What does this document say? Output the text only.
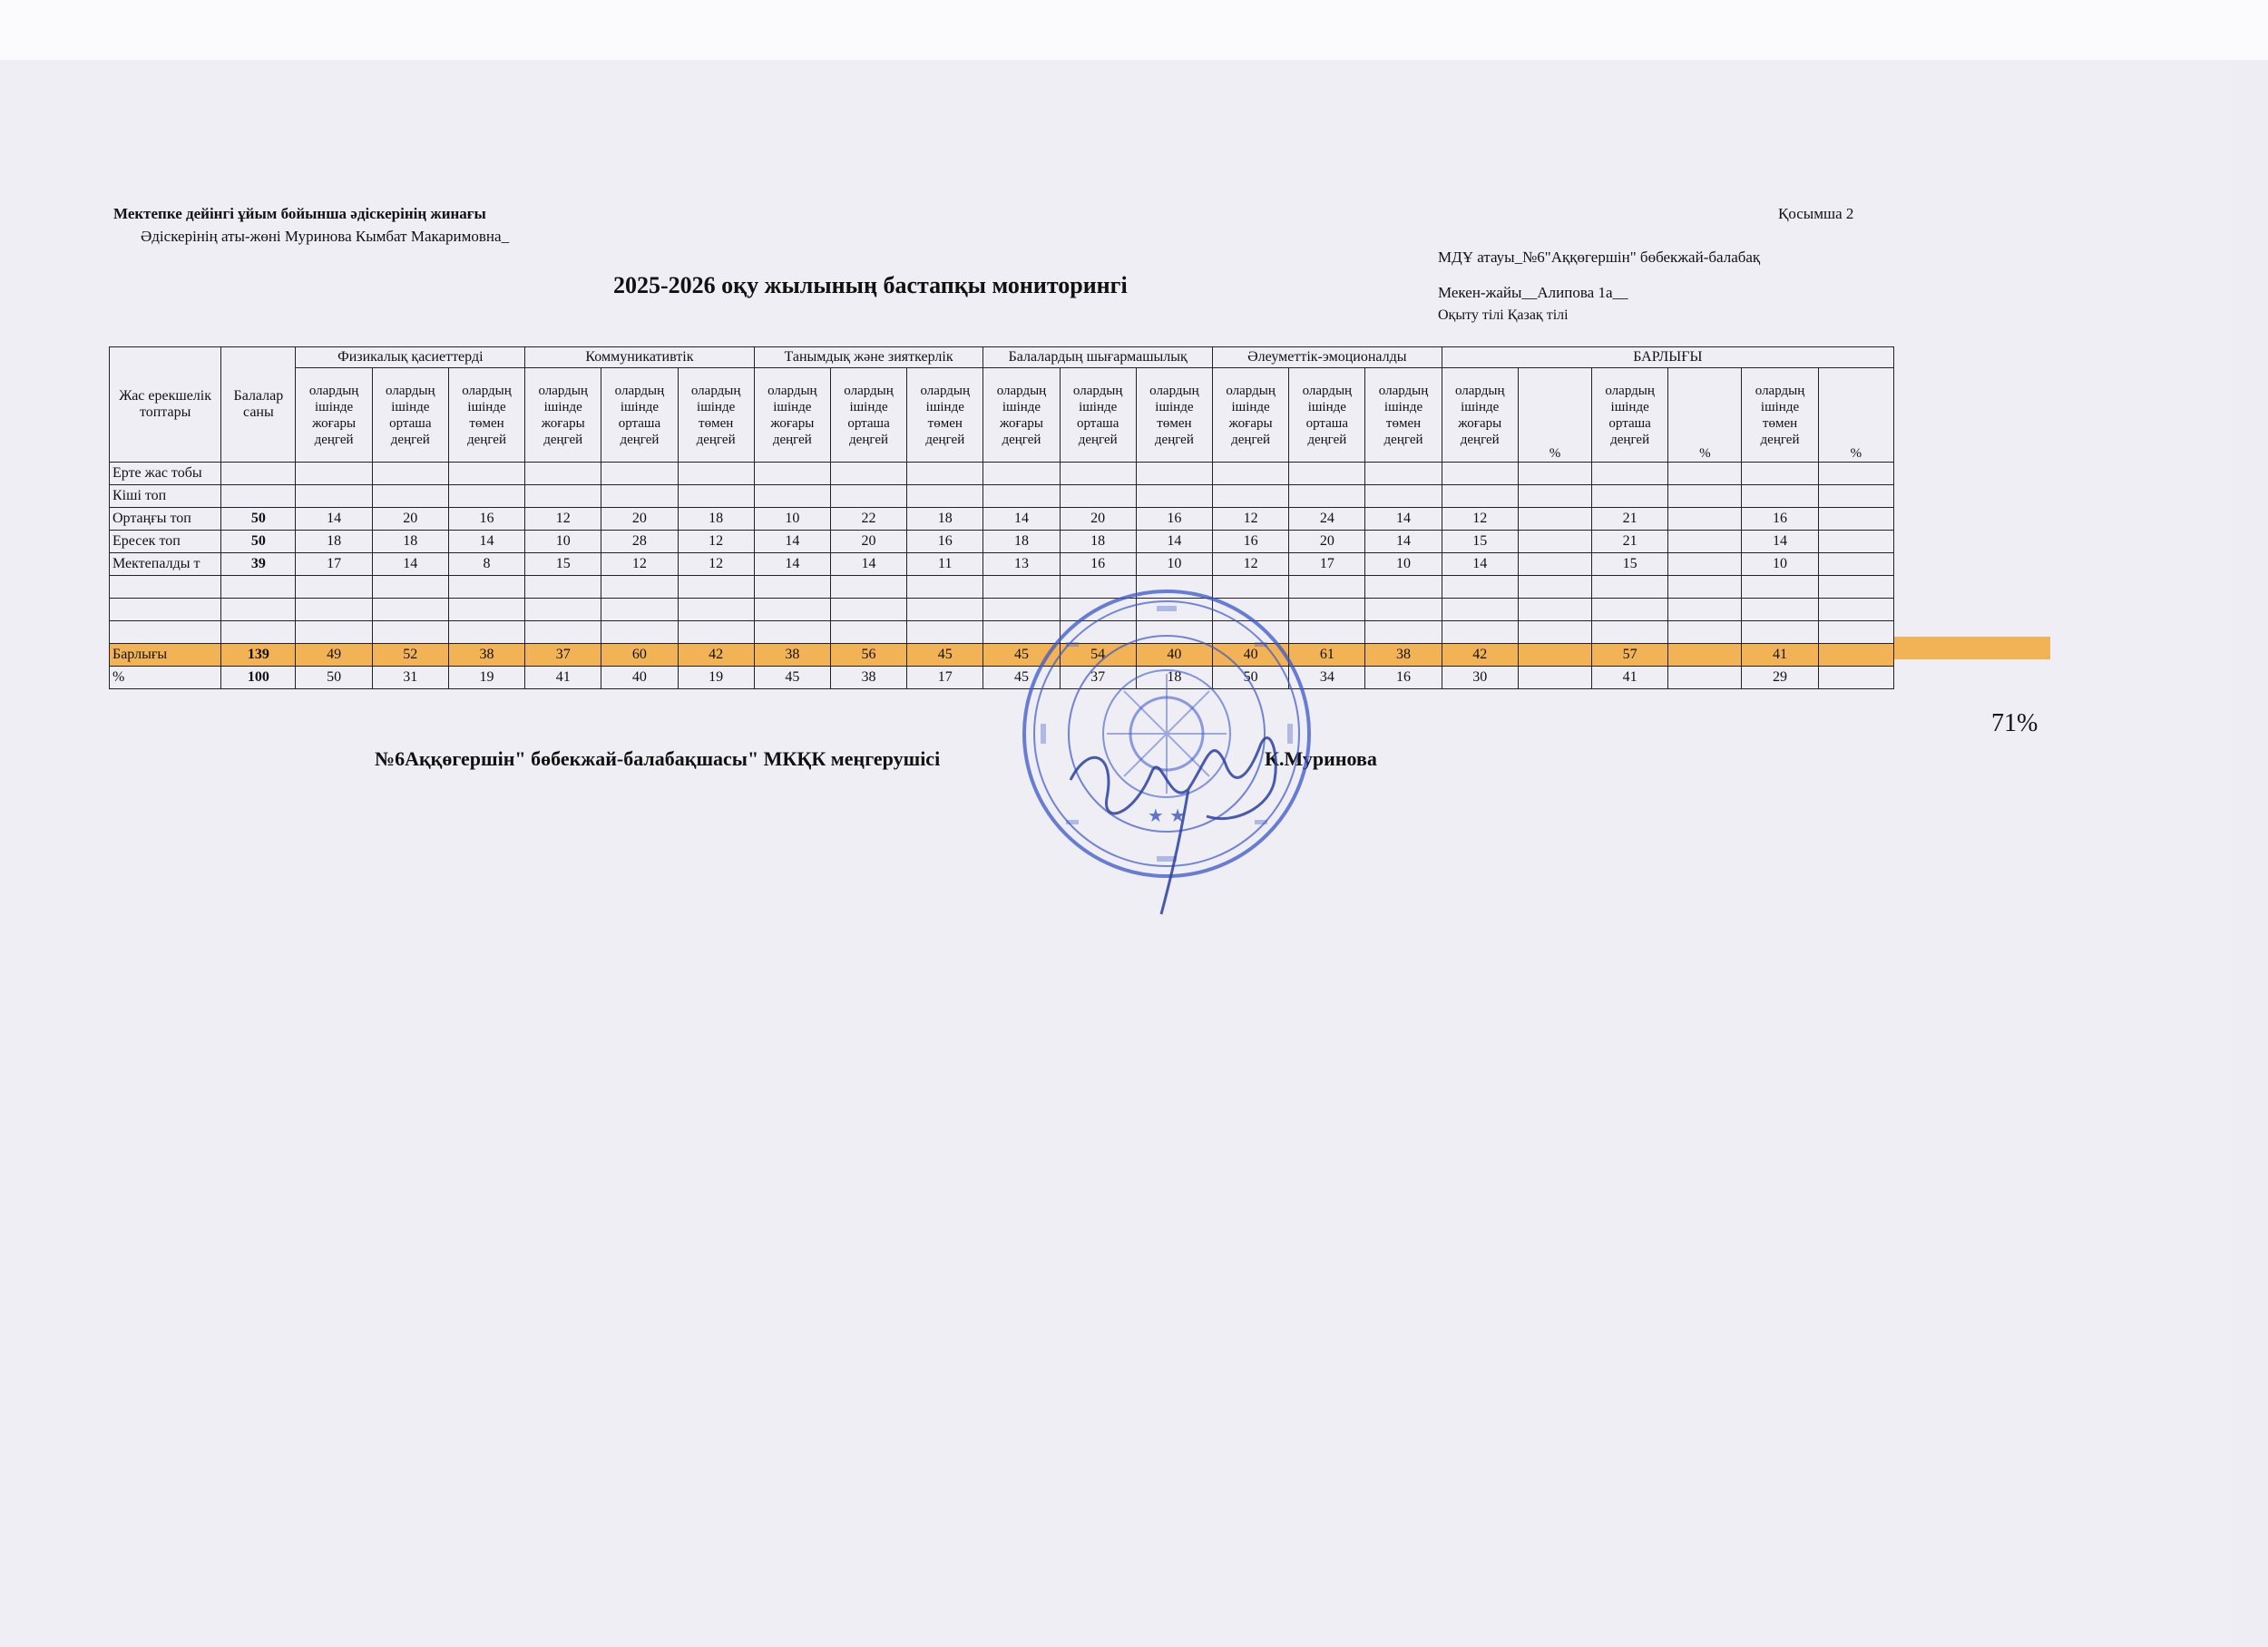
Мектепке дейінгі ұйым бойынша әдіскерінің жинағы
Әдіскерінің аты-жөні Муринова Кымбат Макаримовна_
Қосымша 2
МДҰ атауы_№6"Аққөгершін" бөбекжай-балабақ
Мекен-жайы__Алипова 1а__
Оқыту тілі Қазақ тілі
2025-2026 оқу жылының бастапқы мониторингі
Жас ерекшелік топтары	Балалар саны	Физикалық қасиеттерді			Коммуникативтік			Танымдық және зияткерлік			Балалардың шығармашылық			Әлеуметтік-эмоционалды			БАРЛЫҒЫ					
		олардың ішінде жоғары деңгей	олардың ішінде орташа деңгей	олардың ішінде төмен деңгей	олардың ішінде жоғары деңгей	олардың ішінде орташа деңгей	олардың ішінде төмен деңгей	олардың ішінде жоғары деңгей	олардың ішінде орташа деңгей	олардың ішінде төмен деңгей	олардың ішінде жоғары деңгей	олардың ішінде орташа деңгей	олардың ішінде төмен деңгей	олардың ішінде жоғары деңгей	олардың ішінде орташа деңгей	олардың ішінде төмен деңгей	олардың ішінде жоғары деңгей	%	олардың ішінде орташа деңгей	%	олардың ішінде төмен деңгей	%
Ерте жас тобы																						
Кіші топ																						
Ортаңғы топ	50	14	20	16	12	20	18	10	22	18	14	20	16	12	24	14	12		21		16	
Ересек топ	50	18	18	14	10	28	12	14	20	16	18	18	14	16	20	14	15		21		14	
Мектепалды т	39	17	14	8	15	12	12	14	14	11	13	16	10	12	17	10	14		15		10	

Барлығы	139	49	52	38	37	60	42	38	56	45	45	54	40	40	61	38	42		57		41	
%	100	50	31	19	41	40	19	45	38	17	45	37	18	50	34	16	30		41		29	
71%
№6Аққөгершін" бөбекжай-балабақшасы" МКҚК меңгерушісі	К.Муринова
★ ★
